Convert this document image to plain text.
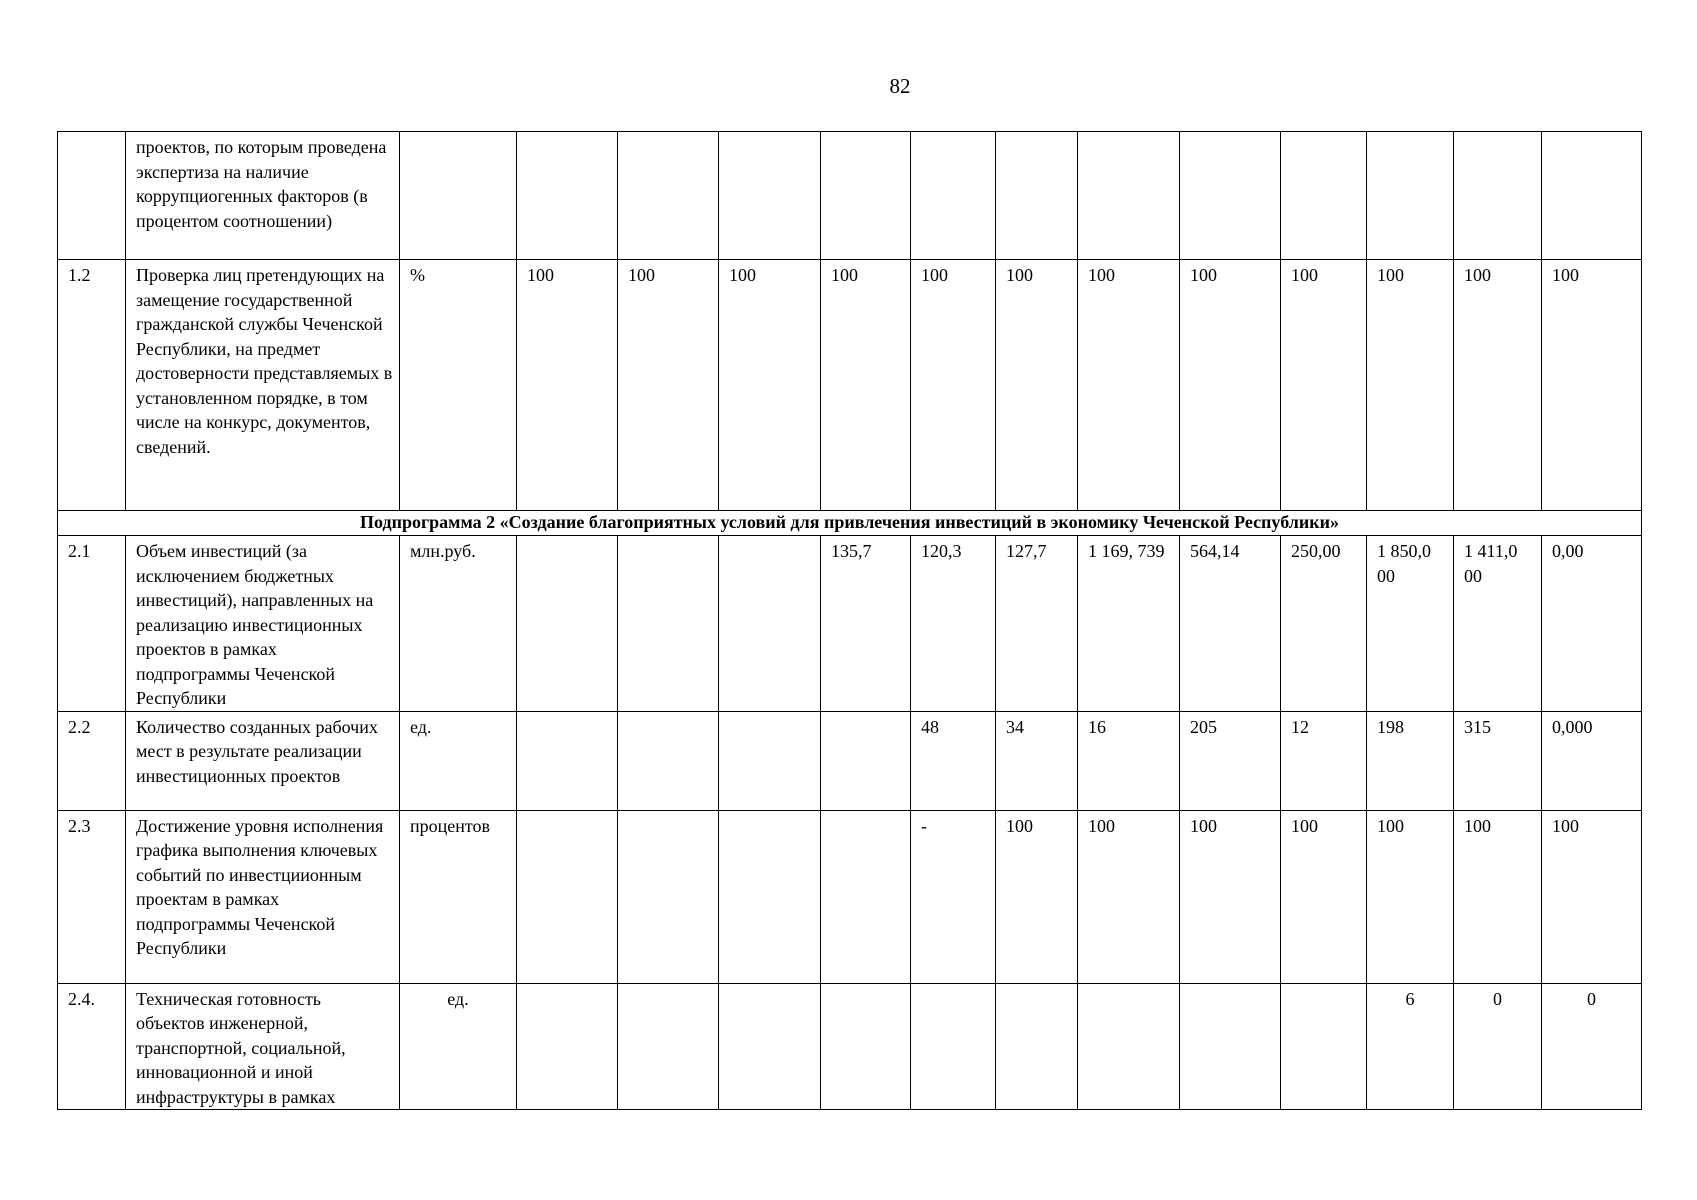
82
	проектов, по которым проведена экспертиза на наличие коррупциогенных факторов (в процентом соотношении)													
1.2	Проверка лиц претендующих на замещение государственной гражданской службы Чеченской Республики, на предмет достоверности представляемых в установленном порядке, в том числе на конкурс, документов, сведений.	%	100	100	100	100	100	100	100	100	100	100	100	100
Подпрограмма 2 «Создание благоприятных условий для привлечения инвестиций в экономику Чеченской Республики»														
2.1	Объем инвестиций (за исключением бюджетных инвестиций), направленных на реализацию инвестиционных проектов в рамках подпрограммы Чеченской Республики	млн.руб.				135,7	120,3	127,7	1 169, 739	564,14	250,00	1 850,0 00	1 411,0 00	0,00
2.2	Количество созданных рабочих мест в результате реализации инвестиционных проектов	ед.					48	34	16	205	12	198	315	0,000
2.3	Достижение уровня исполнения графика выполнения ключевых событий по инвестциионным проектам в рамках подпрограммы Чеченской Республики	процентов					-	100	100	100	100	100	100	100
2.4.	Техническая готовность объектов инженерной, транспортной, социальной, инновационной и иной инфраструктуры в рамках	ед.										6	0	0
